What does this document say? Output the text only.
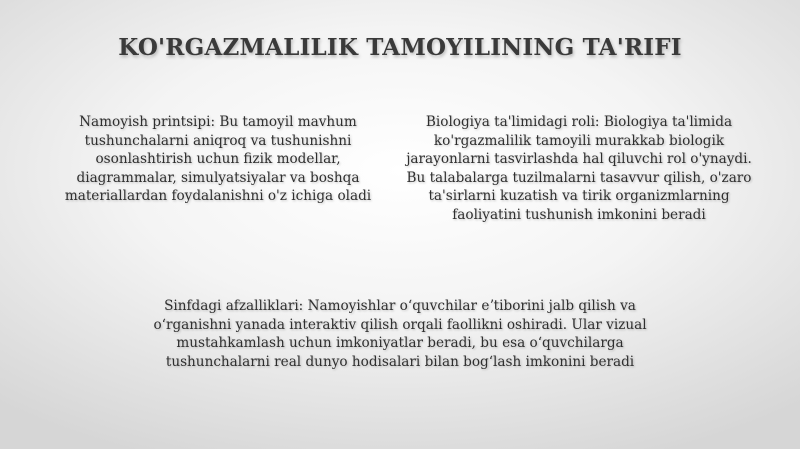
KO'RGAZMALILIK TAMOYILINING TA'RIFI
Namoyish printsipi: Bu tamoyil mavhum tushunchalarni aniqroq va tushunishni osonlashtirish uchun fizik modellar, diagrammalar, simulyatsiyalar va boshqa materiallardan foydalanishni o'z ichiga oladi
Biologiya ta'limidagi roli: Biologiya ta'limida ko'rgazmalilik tamoyili murakkab biologik jarayonlarni tasvirlashda hal qiluvchi rol o'ynaydi. Bu talabalarga tuzilmalarni tasavvur qilish, o'zaro ta'sirlarni kuzatish va tirik organizmlarning faoliyatini tushunish imkonini beradi
Sinfdagi afzalliklari: Namoyishlar oʻquvchilar eʼtiborini jalb qilish va oʻrganishni yanada interaktiv qilish orqali faollikni oshiradi. Ular vizual mustahkamlash uchun imkoniyatlar beradi, bu esa oʻquvchilarga tushunchalarni real dunyo hodisalari bilan bogʻlash imkonini beradi
